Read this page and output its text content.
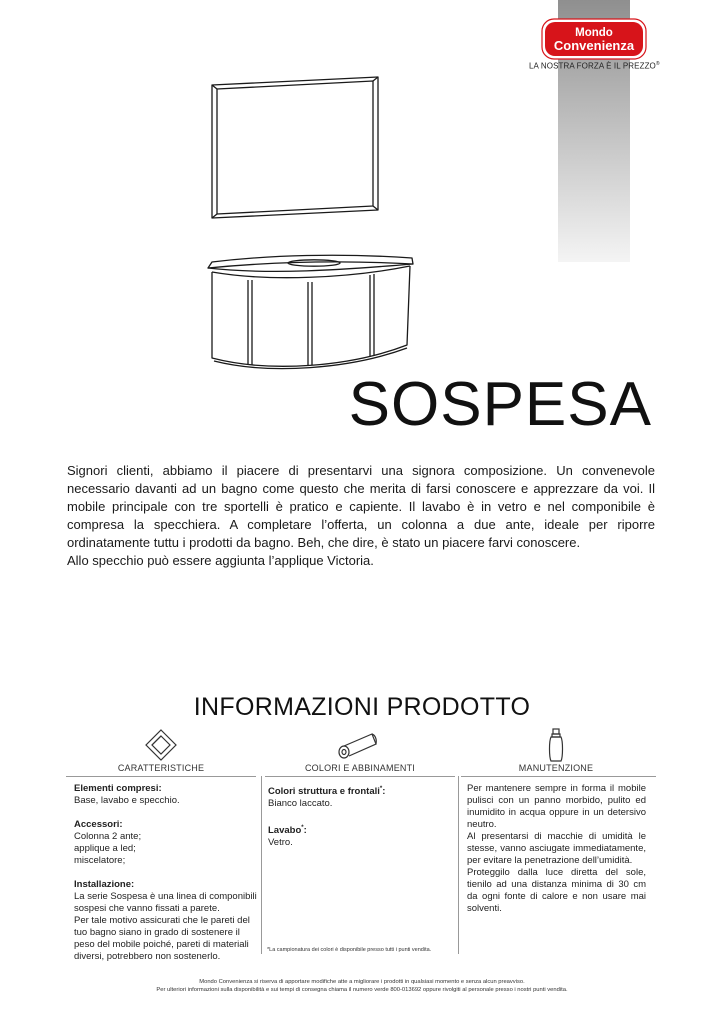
Mondo
Convenienza
LA NOSTRA FORZA È IL PREZZO®
SOSPESA

Signori clienti, abbiamo il piacere di presentarvi una signora composizione. Un convenevole necessario davanti ad un bagno come questo che merita di farsi conoscere e apprezzare da voi. Il mobile principale con tre sportelli è pratico e capiente. Il lavabo è in vetro e nel componibile è compresa la specchiera. A completare l’offerta, un colonna a due ante, ideale per riporre ordinatamente tuttu i prodotti da bagno. Beh, che dire, è stato un piacere farvi conoscere.

Allo specchio può essere aggiunta l’applique Victoria.

INFORMAZIONI PRODOTTO
CARATTERISTICHE	COLORI E ABBINAMENTI	MANUTENZIONE
Elementi compresi:
Base, lavabo e specchio.
Accessori:
Colonna 2 ante;
applique a led;
miscelatore;
Installazione:
La serie Sospesa è una linea di componibili
sospesi che vanno fissati a parete.
Per tale motivo assicurati che le pareti del
tuo bagno siano in grado di sostenere il
peso del mobile poiché, pareti di materiali
diversi, potrebbero non sostenerlo.
Colori struttura e frontali*:
Bianco laccato.
Lavabo*:
Vetro.
*La campionatura dei colori è disponibile presso tutti i punti vendita.
Per mantenere sempre in forma il mobile pulisci con un panno morbido, pulito ed inumidito in acqua oppure in un detersivo neutro.
Al presentarsi di macchie di umidità le stesse, vanno asciugate immediatamente, per evitare la penetrazione dell’umidità.
Proteggilo dalla luce diretta del sole, tienilo ad una distanza minima di 30 cm da ogni fonte di calore e non usare mai solventi.
Mondo Convenienza si riserva di apportare modifiche atte a migliorare i prodotti in qualsiasi momento e senza alcun preavviso.
Per ulteriori informazioni sulla disponibilità e sui tempi di consegna chiama il numero verde 800-013692 oppure rivolgiti al personale presso i nostri punti vendita.
